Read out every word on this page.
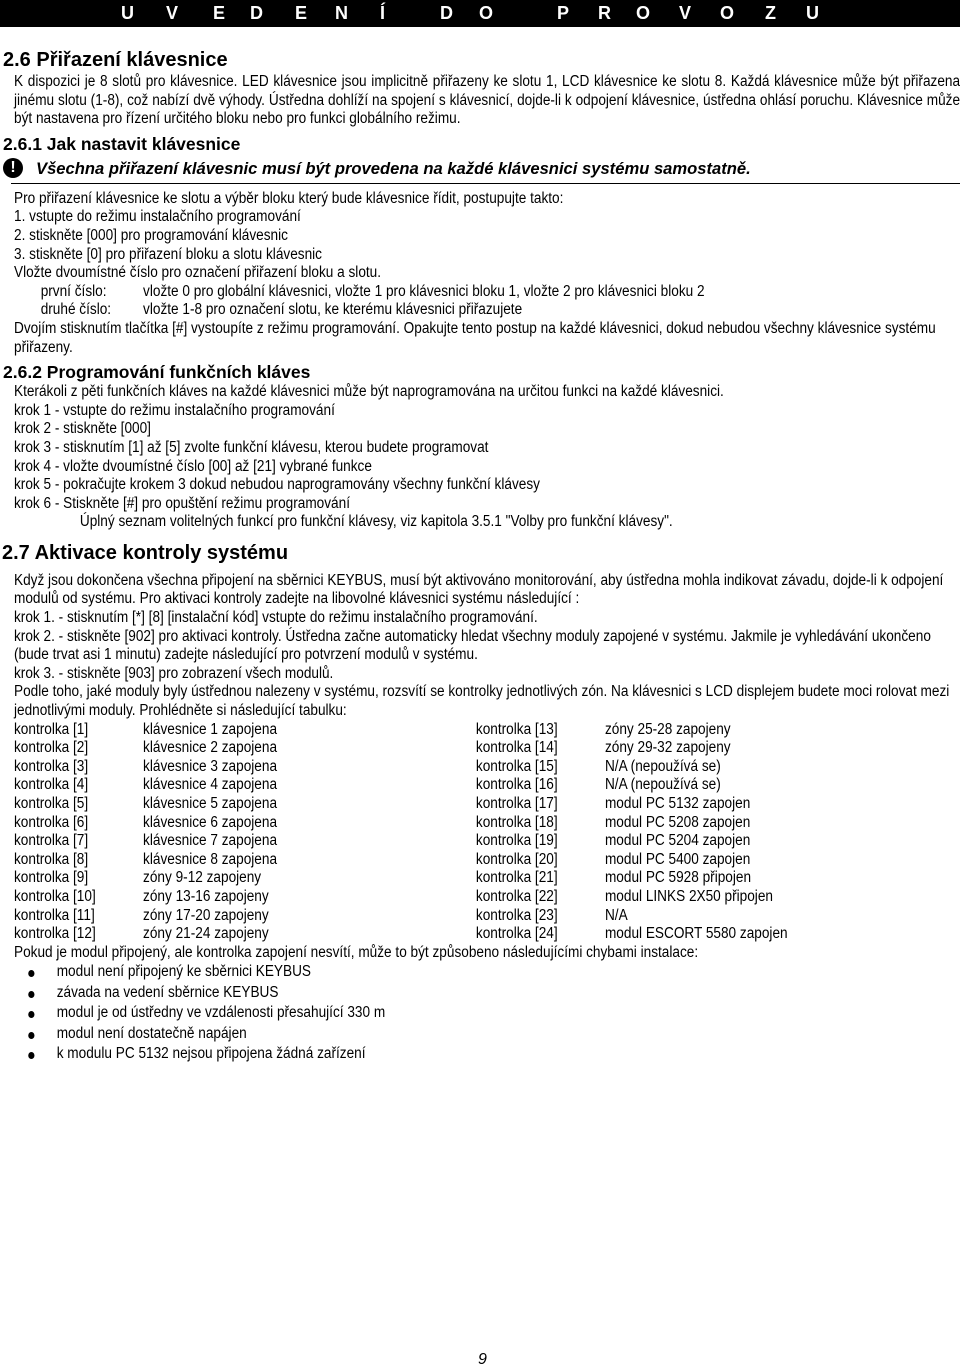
U V E D E N Í	D O	P R O V O Z U
2.6 Přiřazení klávesnice
K dispozici je 8 slotů pro klávesnice. LED klávesnice jsou implicitně přiřazeny ke slotu 1, LCD klávesnice ke slotu 8. Každá klávesnice může být přiřazena jinému slotu (1-8), což nabízí dvě výhody. Ústředna dohlíží na spojení s klávesnicí, dojde-li k odpojení klávesnice, ústředna ohlásí poruchu. Klávesnice může být nastavena pro řízení určitého bloku nebo pro funkci globálního režimu.
2.6.1 Jak nastavit klávesnice
!	Všechna přiřazení klávesnic musí být provedena na každé klávesnici systému samostatně.
Pro přiřazení klávesnice ke slotu a výběr bloku který bude klávesnice řídit, postupujte takto:
1. vstupte do režimu instalačního programování
2. stiskněte [000] pro programování klávesnic
3. stiskněte [0] pro přiřazení bloku a slotu klávesnic
Vložte dvoumístné číslo pro označení přiřazení bloku a slotu.
první číslo: vložte 0 pro globální klávesnici, vložte 1 pro klávesnici bloku 1, vložte 2 pro klávesnici bloku 2
druhé číslo: vložte 1-8 pro označení slotu, ke kterému klávesnici přiřazujete
Dvojím stisknutím tlačítka [#] vystoupíte z režimu programování. Opakujte tento postup na každé klávesnici, dokud nebudou všechny klávesnice systému přiřazeny.
2.6.2 Programování funkčních kláves
Kterákoli z pěti funkčních kláves na každé klávesnici může být naprogramována na určitou funkci na každé klávesnici.
krok 1 - vstupte do režimu instalačního programování
krok 2 - stiskněte [000]
krok 3 - stisknutím [1] až [5] zvolte funkční klávesu, kterou budete programovat
krok 4 - vložte dvoumístné číslo [00] až [21] vybrané funkce
krok 5 - pokračujte krokem 3 dokud nebudou naprogramovány všechny funkční klávesy
krok 6 - Stiskněte [#] pro opuštění režimu programování
Úplný seznam volitelných funkcí pro funkční klávesy, viz kapitola 3.5.1 "Volby pro funkční klávesy".
2.7 Aktivace kontroly systému
Když jsou dokončena všechna připojení na sběrnici KEYBUS, musí být aktivováno monitorování, aby ústředna mohla indikovat závadu, dojde-li k odpojení modulů od systému. Pro aktivaci kontroly zadejte na libovolné klávesnici systému následující :
krok 1. - stisknutím [*] [8] [instalační kód] vstupte do režimu instalačního programování.
krok 2. - stiskněte [902] pro aktivaci kontroly. Ústředna začne automaticky hledat všechny moduly zapojené v systému. Jakmile je vyhledávání ukončeno (bude trvat asi 1 minutu) zadejte následující pro potvrzení modulů v systému.
krok 3. - stiskněte [903] pro zobrazení všech modulů.
Podle toho, jaké moduly byly ústřednou nalezeny v systému, rozsvítí se kontrolky jednotlivých zón. Na klávesnici s LCD displejem budete moci rolovat mezi jednotlivými moduly. Prohlédněte si následující tabulku:
kontrolka [1]	klávesnice 1 zapojena	kontrolka [13]	zóny 25-28 zapojeny
kontrolka [2]	klávesnice 2 zapojena	kontrolka [14]	zóny 29-32 zapojeny
kontrolka [3]	klávesnice 3 zapojena	kontrolka [15]	N/A (nepoužívá se)
kontrolka [4]	klávesnice 4 zapojena	kontrolka [16]	N/A (nepoužívá se)
kontrolka [5]	klávesnice 5 zapojena	kontrolka [17]	modul PC 5132 zapojen
kontrolka [6]	klávesnice 6 zapojena	kontrolka [18]	modul PC 5208 zapojen
kontrolka [7]	klávesnice 7 zapojena	kontrolka [19]	modul PC 5204 zapojen
kontrolka [8]	klávesnice 8 zapojena	kontrolka [20]	modul PC 5400 zapojen
kontrolka [9]	zóny 9-12 zapojeny	kontrolka [21]	modul PC 5928 připojen
kontrolka [10]	zóny 13-16 zapojeny	kontrolka [22]	modul LINKS 2X50 připojen
kontrolka [11]	zóny 17-20 zapojeny	kontrolka [23]	N/A
kontrolka [12]	zóny 21-24 zapojeny	kontrolka [24]	modul ESCORT 5580 zapojen
Pokud je modul připojený, ale kontrolka zapojení nesvítí, může to být způsobeno následujícími chybami instalace:
modul není připojený ke sběrnici KEYBUS
závada na vedení sběrnice KEYBUS
modul je od ústředny ve vzdálenosti přesahující 330 m
modul není dostatečně napájen
k modulu PC 5132 nejsou připojena žádná zařízení
9
